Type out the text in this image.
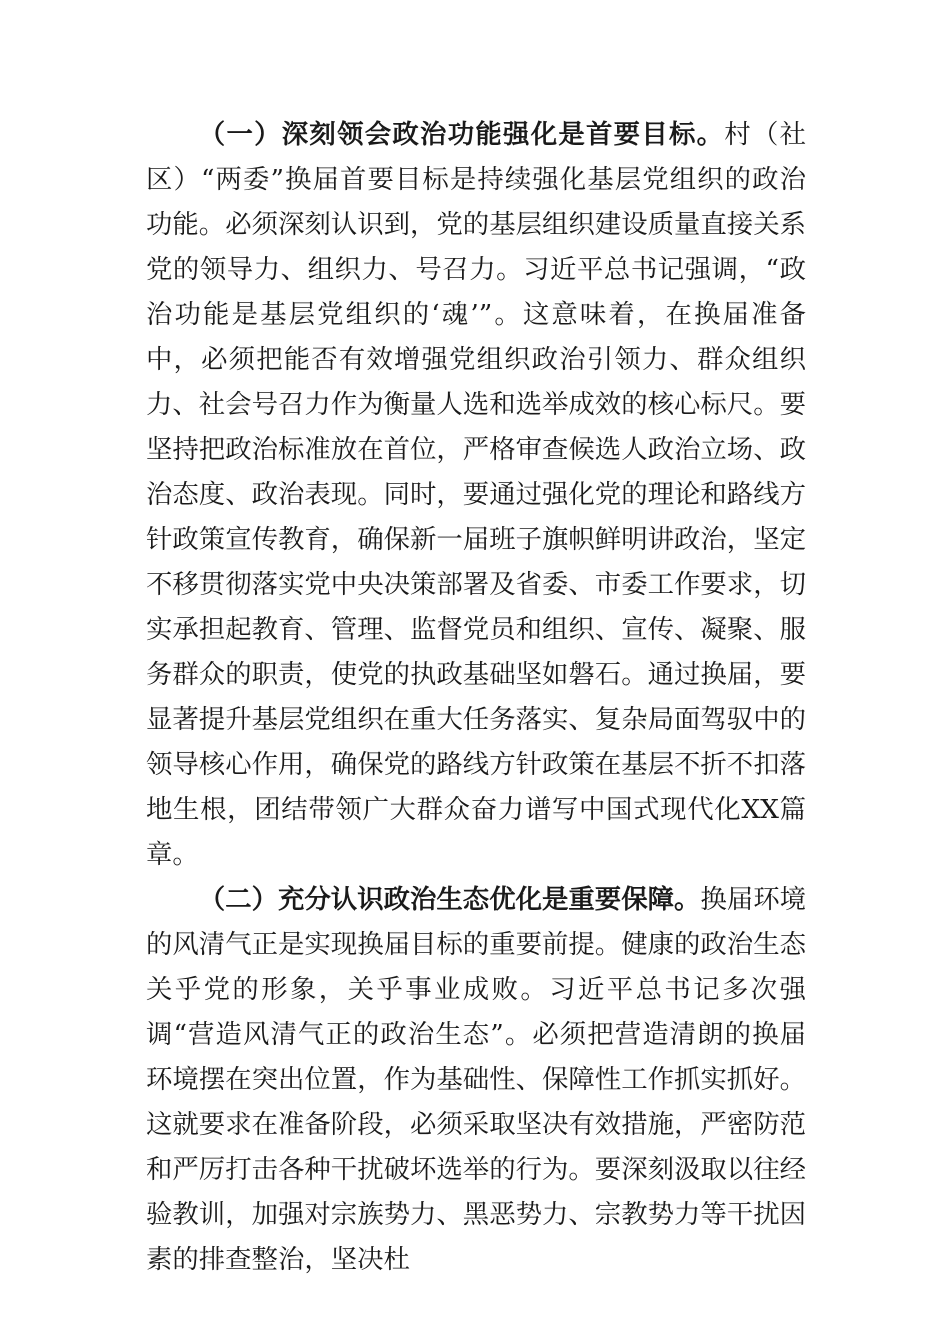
（一）深刻领会政治功能强化是首要目标。村（社区）“两委”换届首要目标是持续强化基层党组织的政治功能。必须深刻认识到，党的基层组织建设质量直接关系党的领导力、组织力、号召力。习近平总书记强调，“政治功能是基层党组织的‘魂’”。这意味着，在换届准备中，必须把能否有效增强党组织政治引领力、群众组织力、社会号召力作为衡量人选和选举成效的核心标尺。要坚持把政治标准放在首位，严格审查候选人政治立场、政治态度、政治表现。同时，要通过强化党的理论和路线方针政策宣传教育，确保新一届班子旗帜鲜明讲政治，坚定不移贯彻落实党中央决策部署及省委、市委工作要求，切实承担起教育、管理、监督党员和组织、宣传、凝聚、服务群众的职责，使党的执政基础坚如磐石。通过换届，要显著提升基层党组织在重大任务落实、复杂局面驾驭中的领导核心作用，确保党的路线方针政策在基层不折不扣落地生根，团结带领广大群众奋力谱写中国式现代化XX篇章。

（二）充分认识政治生态优化是重要保障。换届环境的风清气正是实现换届目标的重要前提。健康的政治生态关乎党的形象，关乎事业成败。习近平总书记多次强调“营造风清气正的政治生态”。必须把营造清朗的换届环境摆在突出位置，作为基础性、保障性工作抓实抓好。这就要求在准备阶段，必须采取坚决有效措施，严密防范和严厉打击各种干扰破坏选举的行为。要深刻汲取以往经验教训，加强对宗族势力、黑恶势力、宗教势力等干扰因素的排查整治，坚决杜
